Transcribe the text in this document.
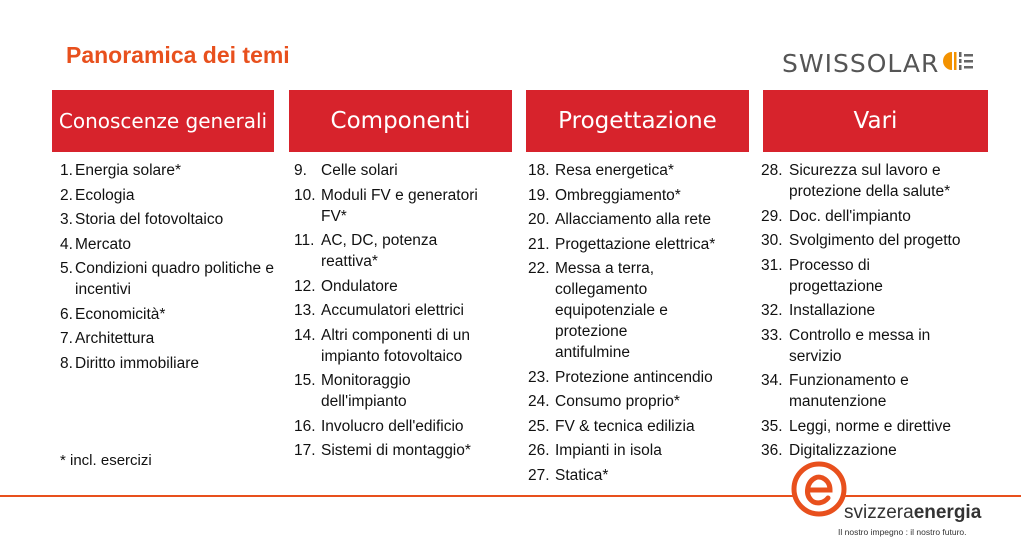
Panoramica dei temi	SWISSOLAR
Conoscenze generali	Componenti	Progettazione	Vari
1. Energia solare*
2. Ecologia
3. Storia del fotovoltaico
4. Mercato
5. Condizioni quadro politiche e incentivi
6. Economicità*
7. Architettura
8. Diritto immobiliare
9. Celle solari
10. Moduli FV e generatori FV*
11. AC, DC, potenza reattiva*
12. Ondulatore
13. Accumulatori elettrici
14. Altri componenti di un impianto fotovoltaico
15. Monitoraggio dell'impianto
16. Involucro dell'edificio
17. Sistemi di montaggio*
18. Resa energetica*
19. Ombreggiamento*
20. Allacciamento alla rete
21. Progettazione elettrica*
22. Messa a terra, collegamento equipotenziale e protezione antifulmine
23. Protezione antincendio
24. Consumo proprio*
25. FV & tecnica edilizia
26. Impianti in isola
27. Statica*
28. Sicurezza sul lavoro e protezione della salute*
29. Doc. dell'impianto
30. Svolgimento del progetto
31. Processo di progettazione
32. Installazione
33. Controllo e messa in servizio
34. Funzionamento e manutenzione
35. Leggi, norme e direttive
36. Digitalizzazione
* incl. esercizi
svizzeraenergia
Il nostro impegno : il nostro futuro.
